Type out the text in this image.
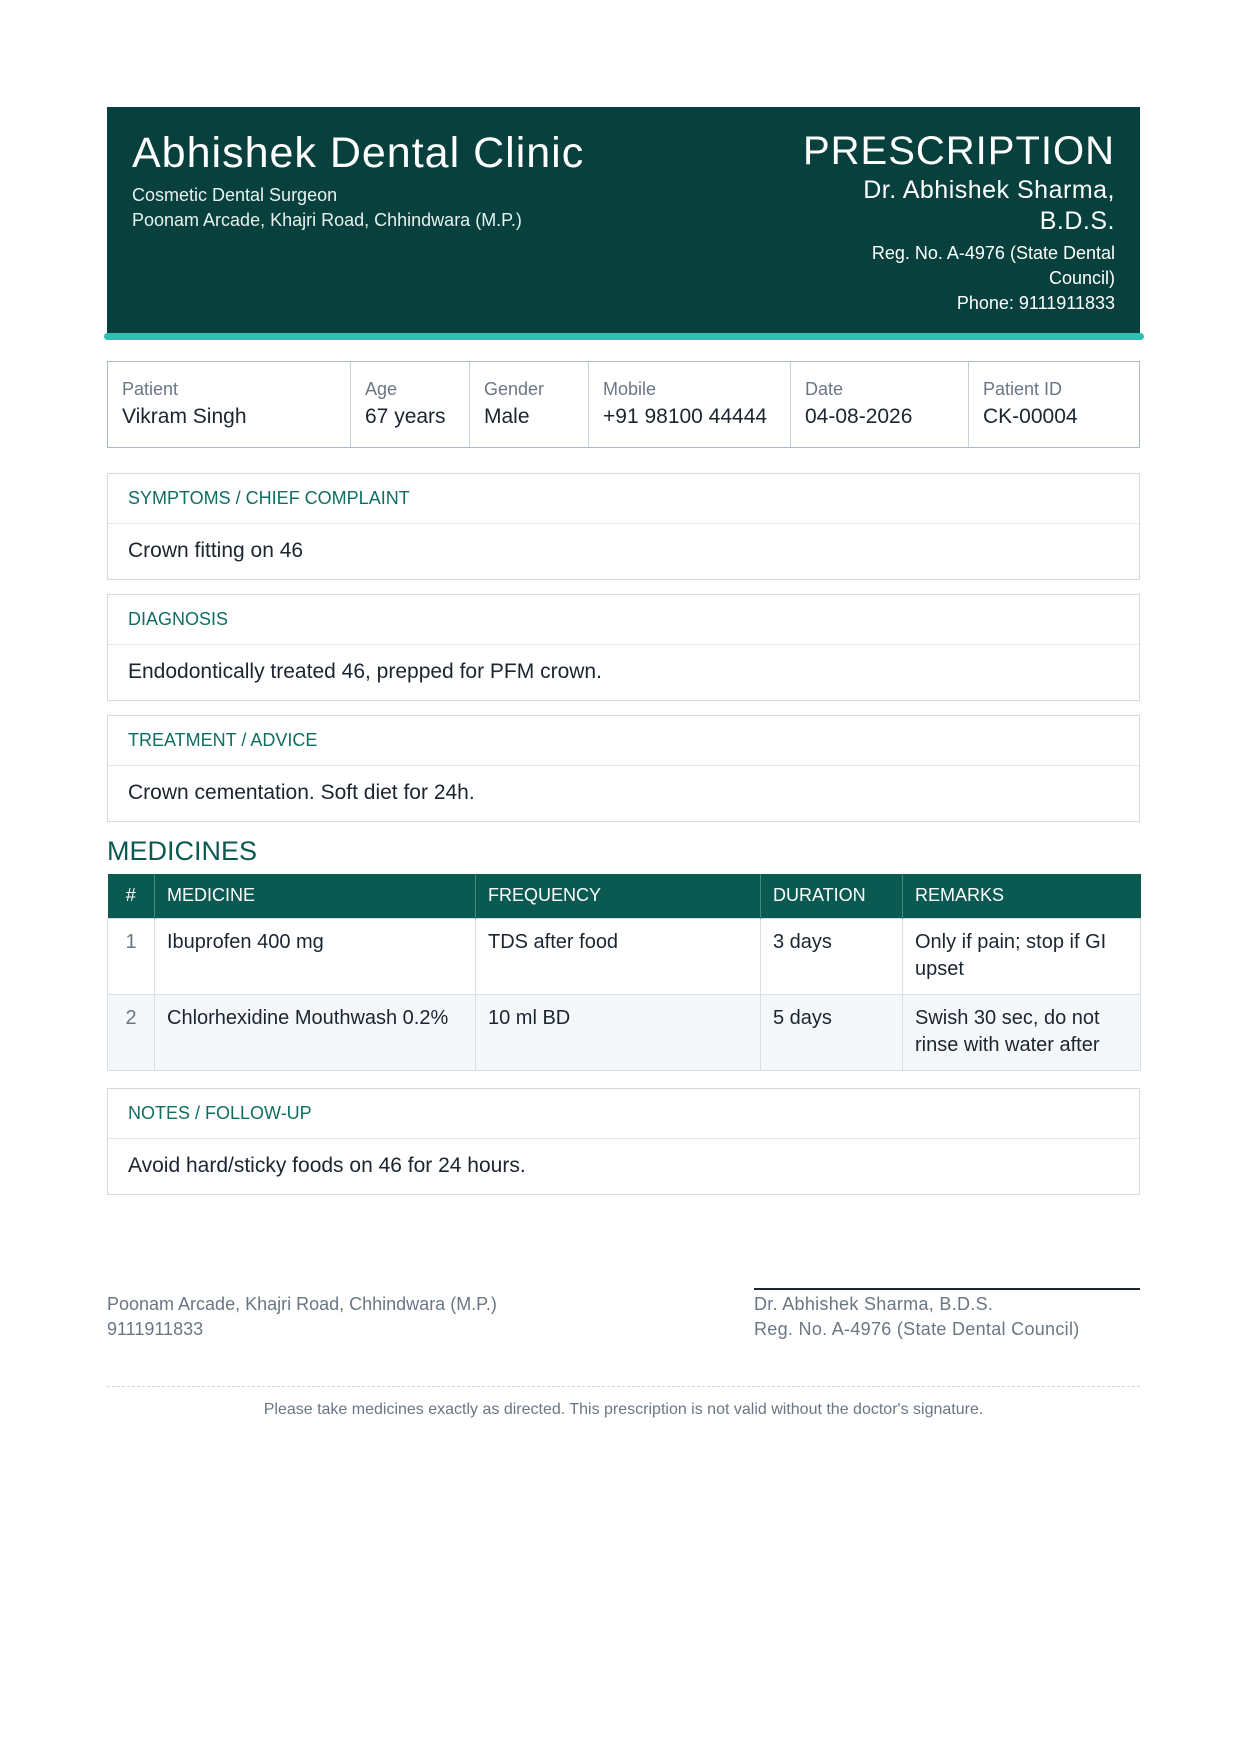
Abhishek Dental Clinic
Cosmetic Dental Surgeon
Poonam Arcade, Khajri Road, Chhindwara (M.P.)
PRESCRIPTION
Dr. Abhishek Sharma,
B.D.S.
Reg. No. A-4976 (State Dental
Council)
Phone: 9111911833
Patient
Vikram Singh
Age
67 years
Gender
Male
Mobile
+91 98100 44444
Date
04-08-2026
Patient ID
CK-00004
SYMPTOMS / CHIEF COMPLAINT
Crown fitting on 46
DIAGNOSIS
Endodontically treated 46, prepped for PFM crown.
TREATMENT / ADVICE
Crown cementation. Soft diet for 24h.
MEDICINES
#	MEDICINE	FREQUENCY	DURATION	REMARKS
1	Ibuprofen 400 mg	TDS after food	3 days	Only if pain; stop if GI upset
2	Chlorhexidine Mouthwash 0.2%	10 ml BD	5 days	Swish 30 sec, do not rinse with water after
NOTES / FOLLOW-UP
Avoid hard/sticky foods on 46 for 24 hours.
Poonam Arcade, Khajri Road, Chhindwara (M.P.)
9111911833
Dr. Abhishek Sharma, B.D.S.
Reg. No. A-4976 (State Dental Council)
Please take medicines exactly as directed. This prescription is not valid without the doctor's signature.
